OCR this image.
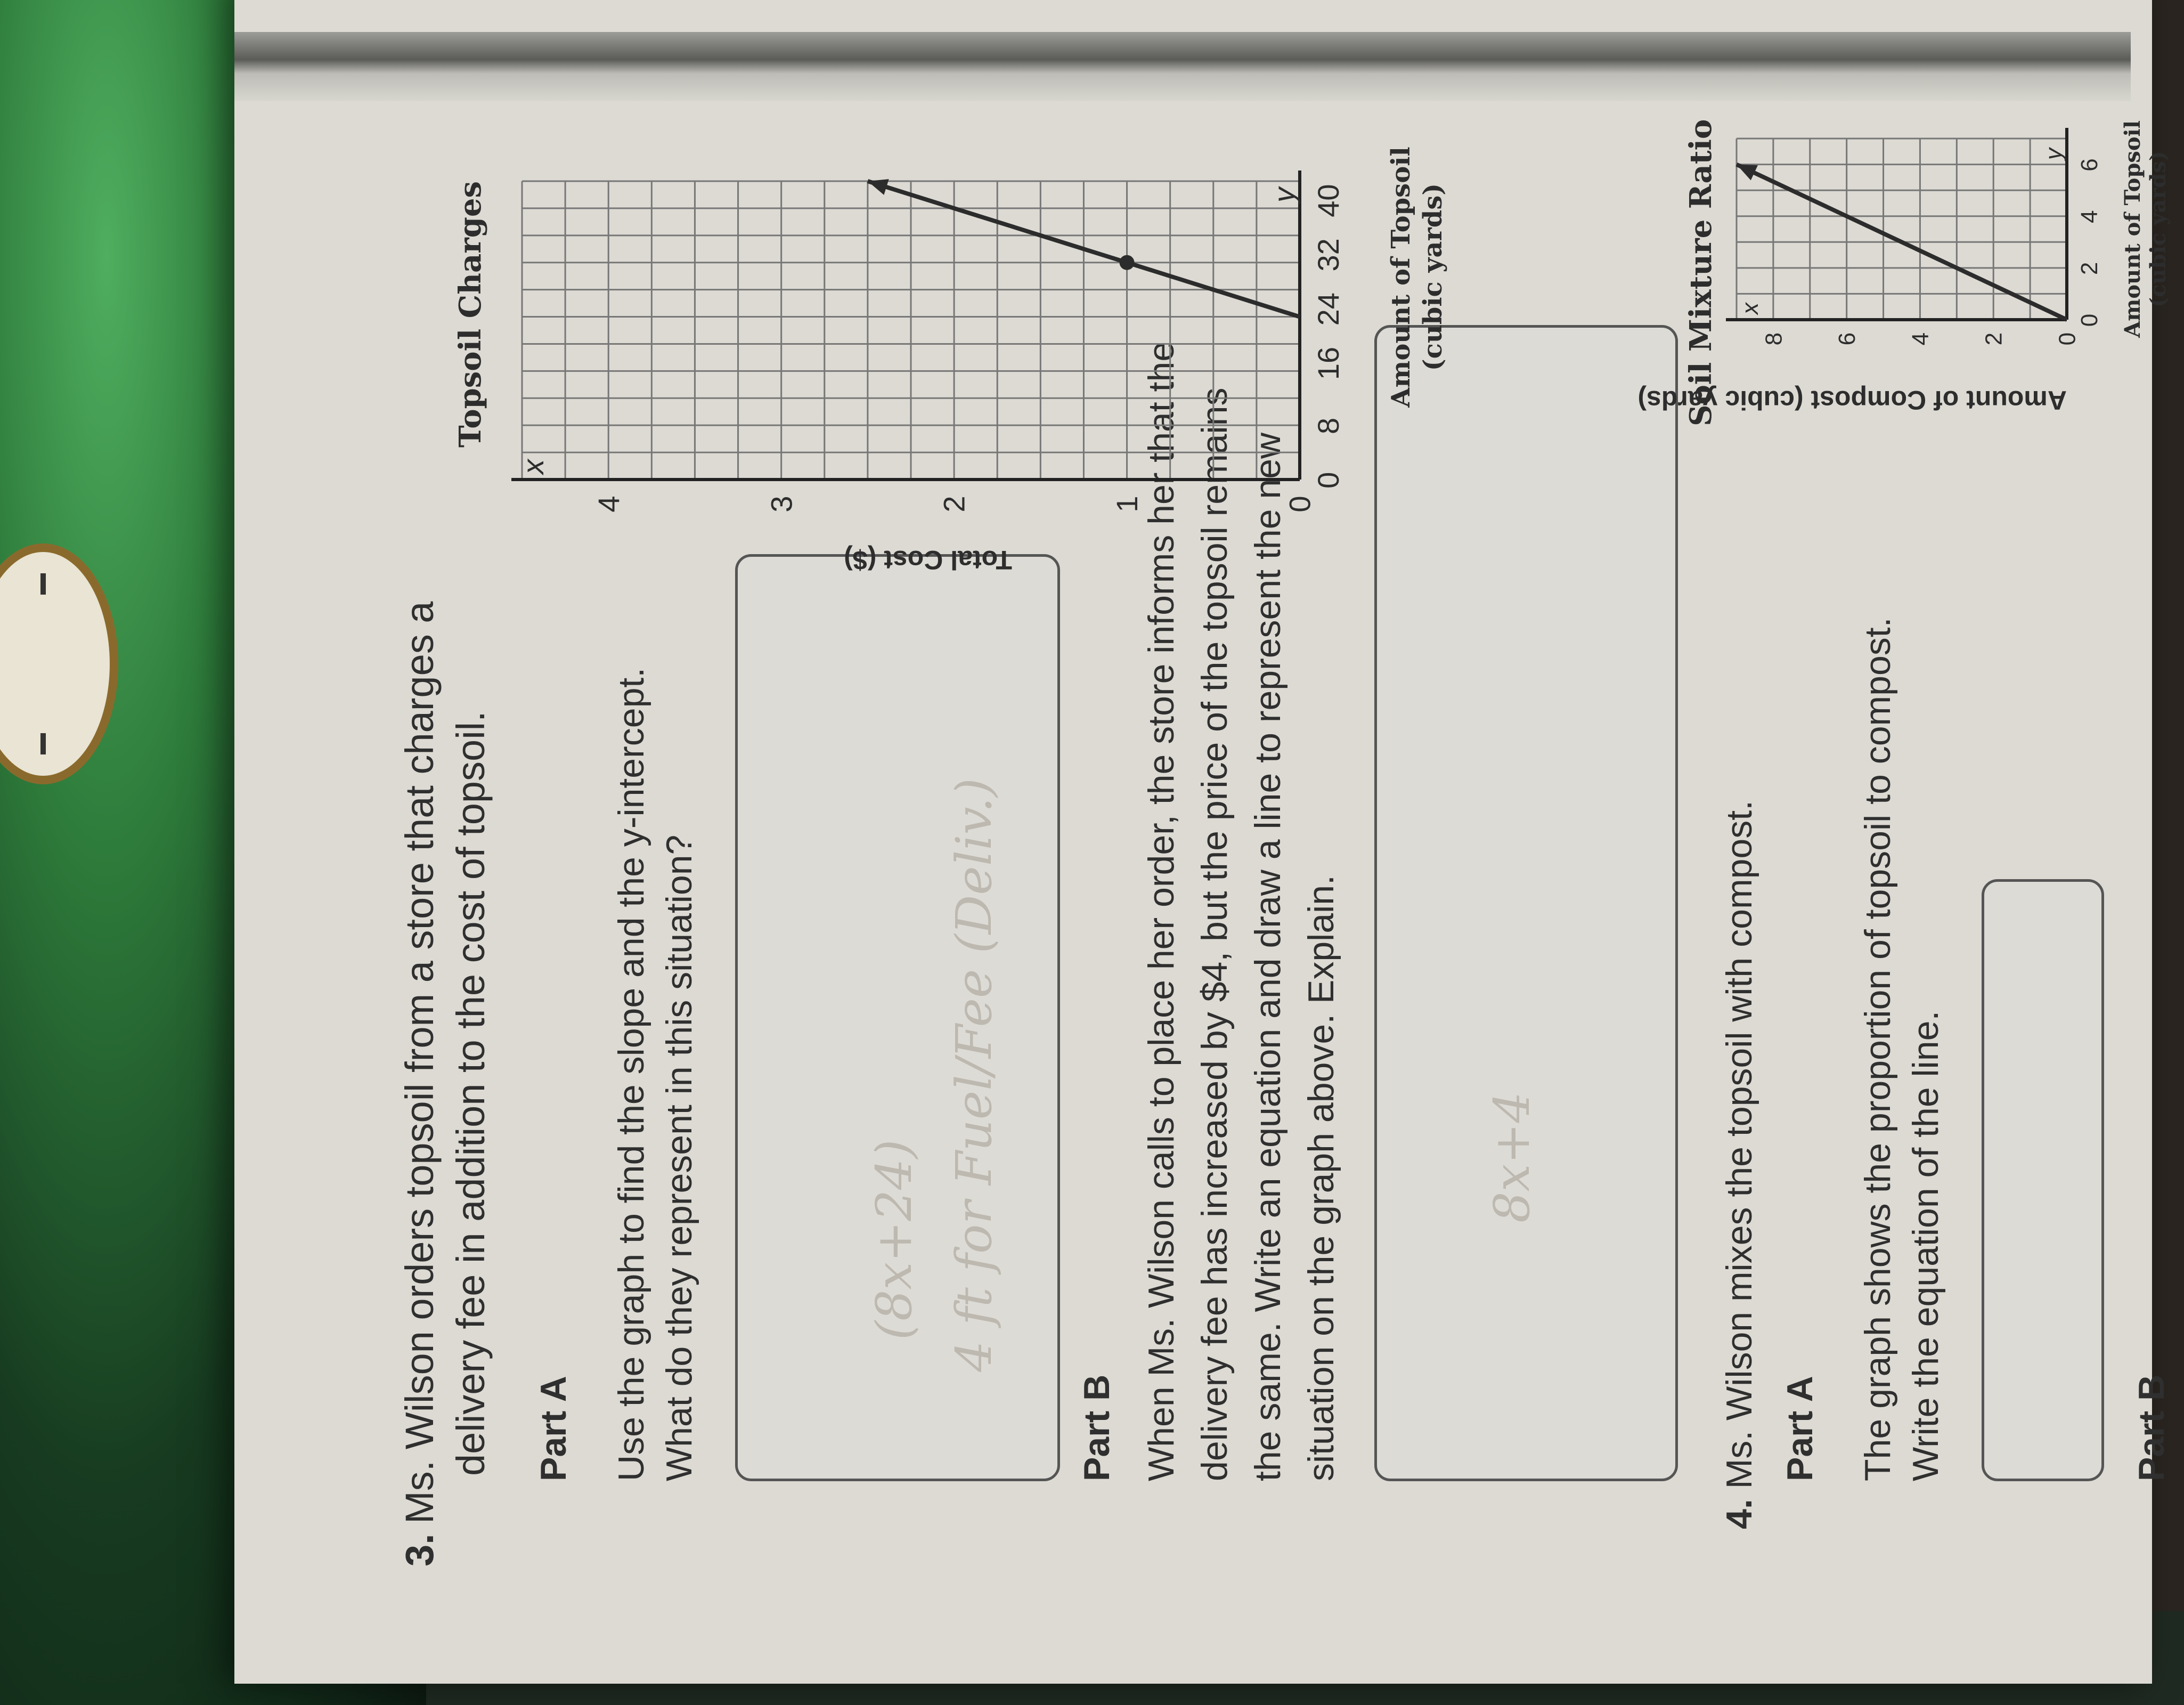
3.
Ms. Wilson orders topsoil from a store that charges a delivery fee in addition to the cost of topsoil. Part A Use the graph to find the slope and the y-intercept. What do they represent in this situation?	(8x+24) 4 ft for Fuel/Fee (Deliv.)
Part B When Ms. Wilson calls to place her order, the store informs her that the delivery fee has increased by $4, but the price of the topsoil remains the same. Write an equation and draw a line to represent the new situation on the graph above. Explain.	8x+4
4. Ms. Wilson mixes the topsoil with compost. Part A The graph shows the proportion of topsoil to compost. Write the equation of the line.	Part B
Topsoil Charges
Total Cost ($)
y
x
0
1
2
3
4
0
8
16
24
32
40 Amount of Topsoil (cubic yards)	Soil Mixture Ratio
Amount of Compost (cubic yards)
y
x
0
2
4
6
8
0
2
4
6 Amount of Topsoil (cubic yards)
